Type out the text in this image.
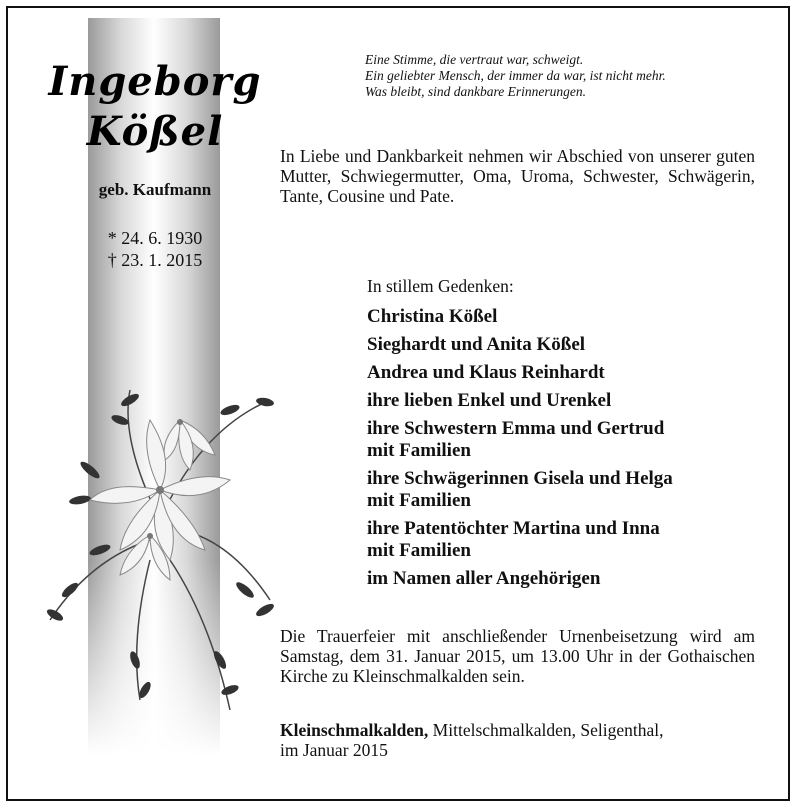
Ingeborg
Kößel
geb. Kaufmann
* 24. 6. 1930
† 23. 1. 2015
Eine Stimme, die vertraut war, schweigt.
Ein geliebter Mensch, der immer da war, ist nicht mehr.
Was bleibt, sind dankbare Erinnerungen.
In Liebe und Dankbarkeit nehmen wir Abschied von unserer guten Mutter, Schwiegermutter, Oma, Uroma, Schwester, Schwägerin, Tante, Cousine und Pate.
In stillem Gedenken:
Christina Kößel
Sieghardt und Anita Kößel
Andrea und Klaus Reinhardt
ihre lieben Enkel und Urenkel
ihre Schwestern Emma und Gertrud
mit Familien
ihre Schwägerinnen Gisela und Helga
mit Familien
ihre Patentöchter Martina und Inna
mit Familien
im Namen aller Angehörigen
Die Trauerfeier mit anschließender Urnenbeisetzung wird am Samstag, dem 31. Januar 2015, um 13.00 Uhr in der Gothaischen Kirche zu Kleinschmalkalden sein.
Kleinschmalkalden, Mittelschmalkalden, Seligenthal,
im Januar 2015
